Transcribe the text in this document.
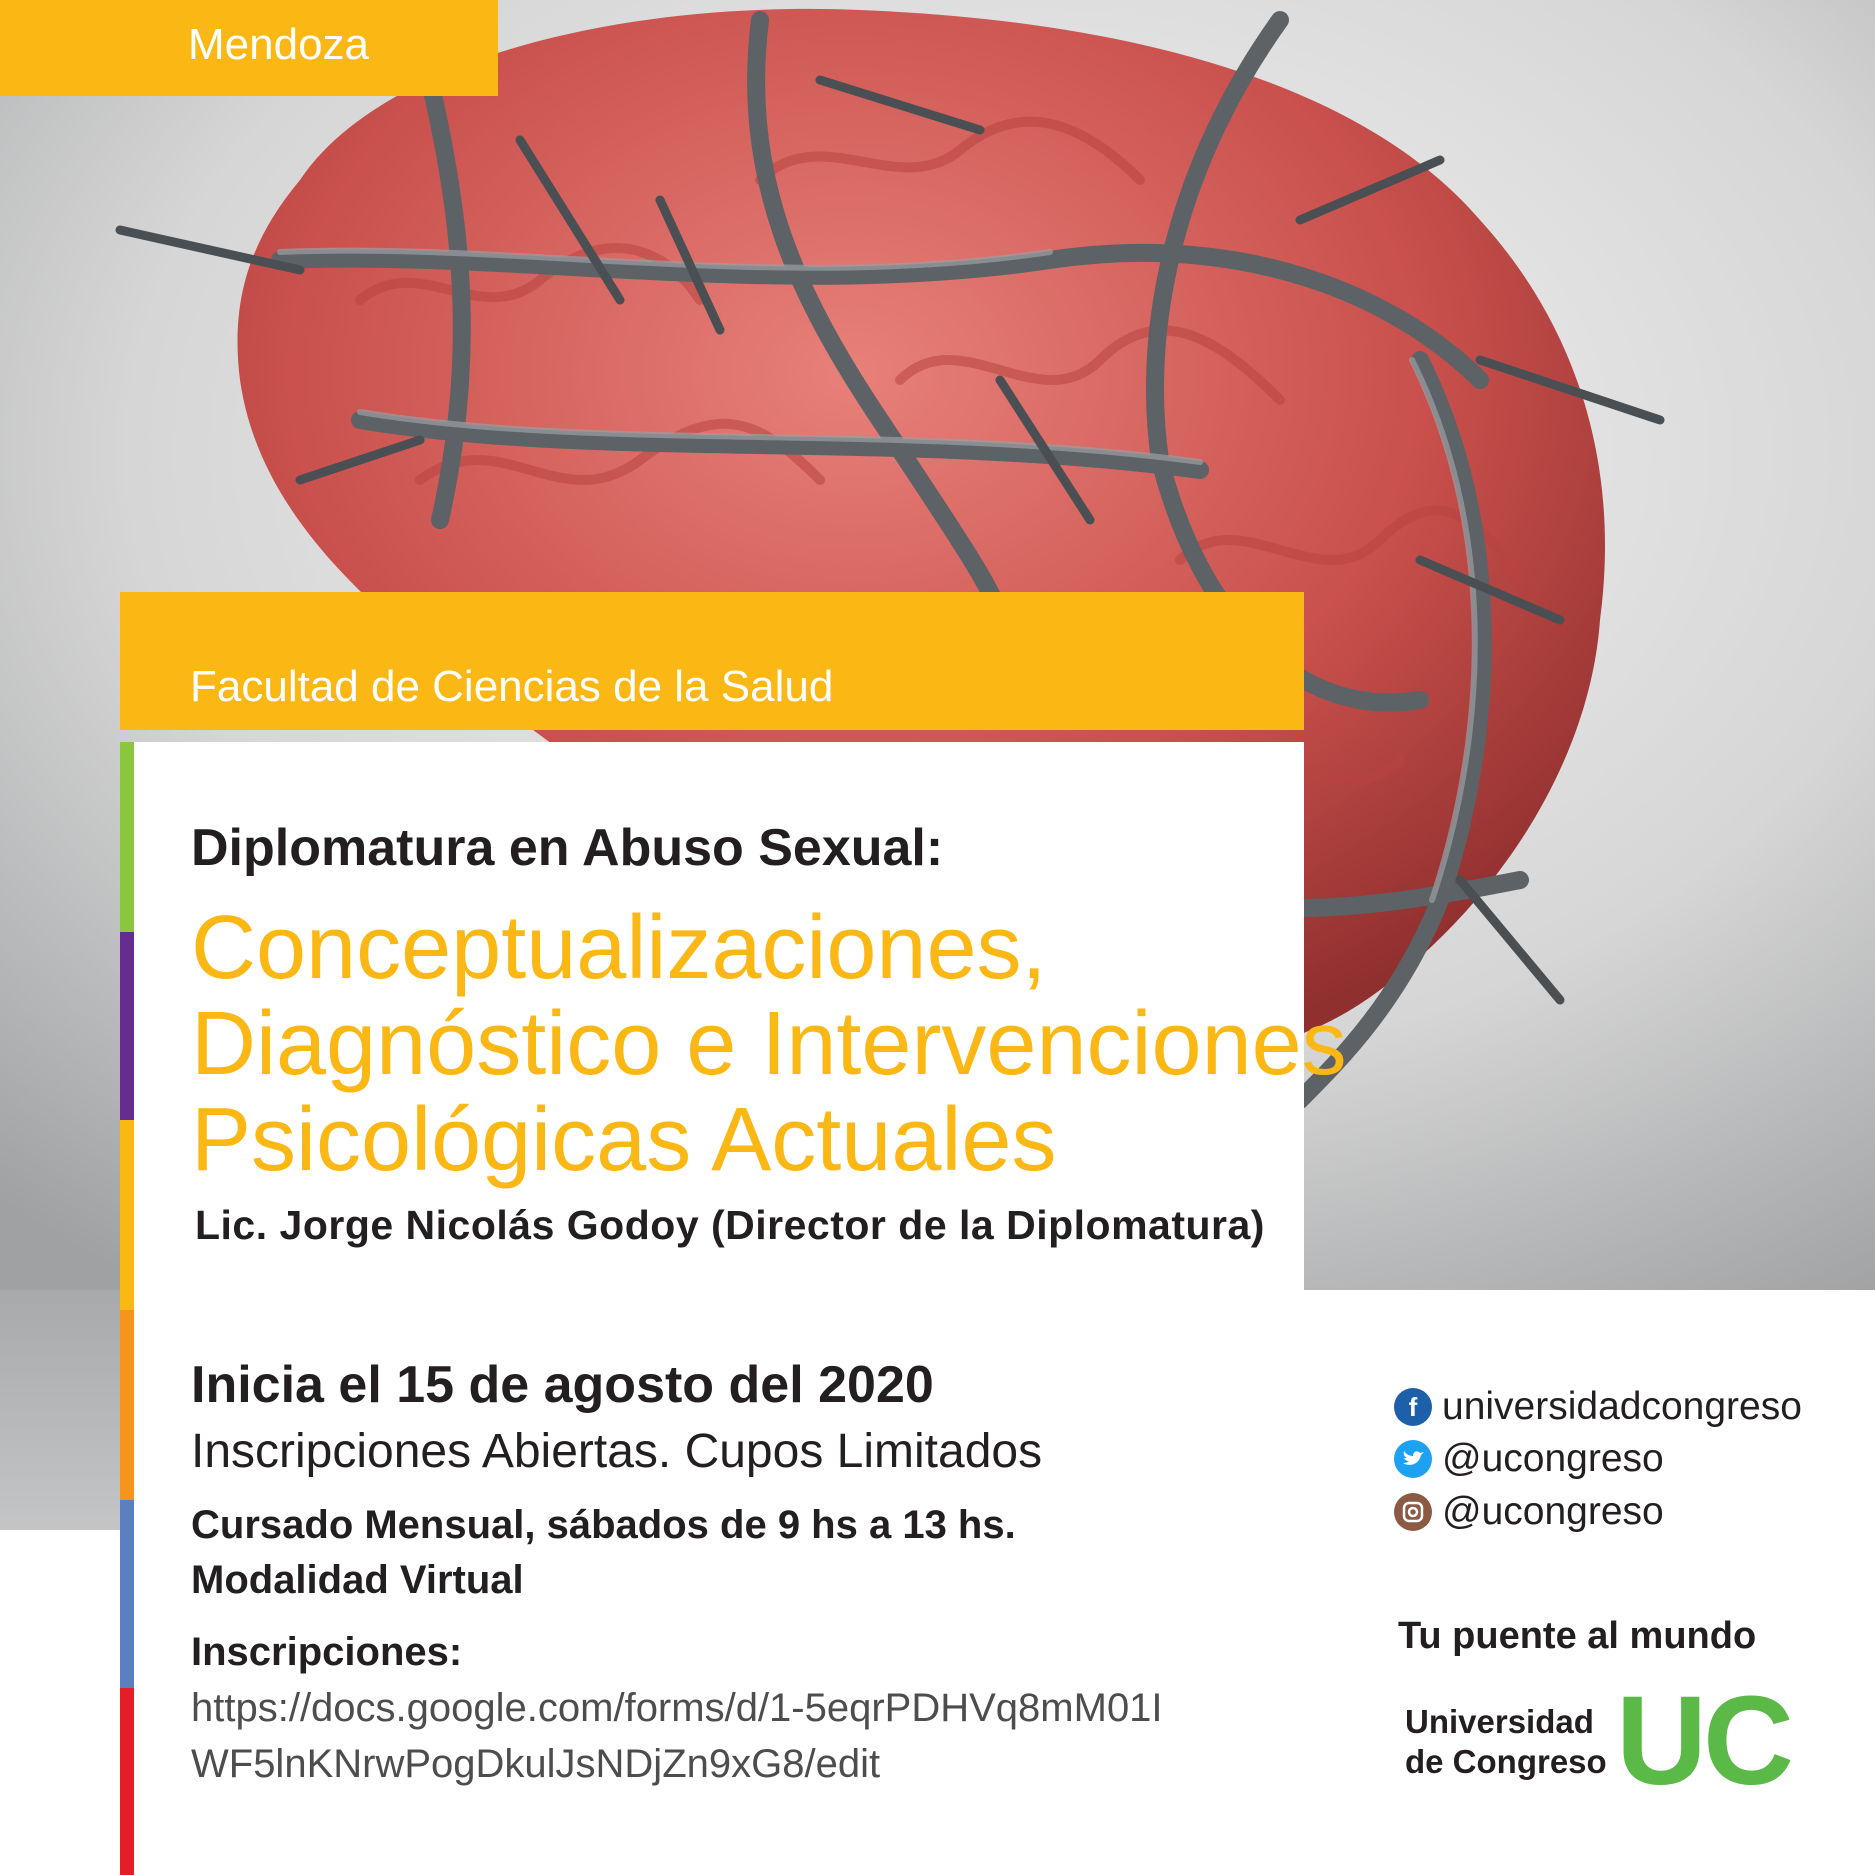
Mendoza
Facultad de Ciencias de la Salud
Diplomatura en Abuso Sexual:
Conceptualizaciones,
Diagnóstico e Intervenciones
Psicológicas Actuales
Lic. Jorge Nicolás Godoy (Director de la Diplomatura)
Inicia el 15 de agosto del 2020
Inscripciones Abiertas. Cupos Limitados
Cursado Mensual, sábados de 9 hs a 13 hs.
Modalidad Virtual
Inscripciones:
https://docs.google.com/forms/d/1-5eqrPDHVq8mM01IWF5lnKNrwPogDkulJsNDjZn9xG8/edit
f universidadcongreso
@ucongreso
@ucongreso
Tu puente al mundo
Universidad
de Congreso UC
